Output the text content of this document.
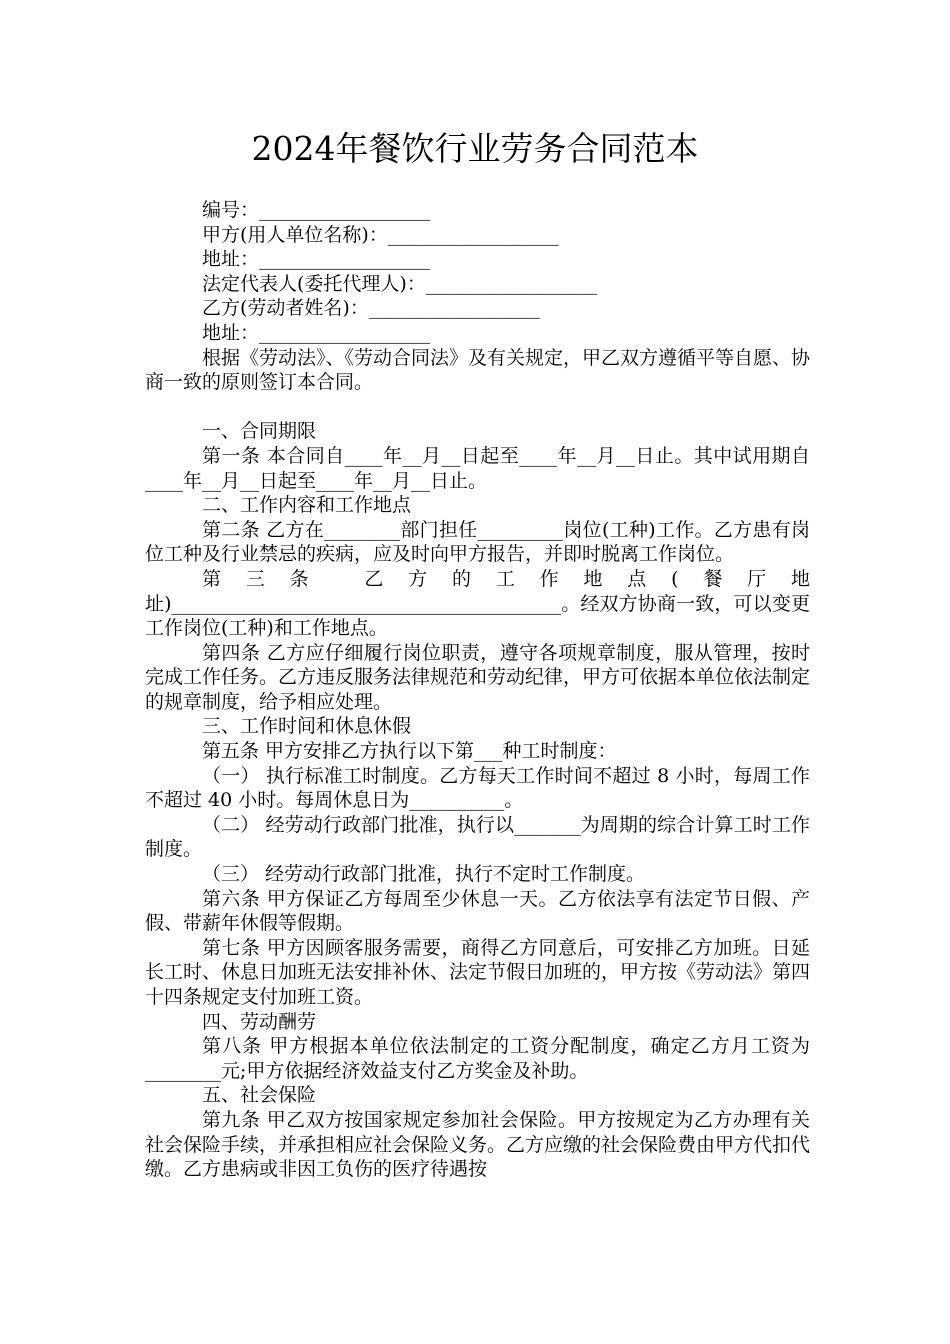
2024年餐饮行业劳务合同范本

编号：__________________

甲方(用人单位名称)：__________________

地址：__________________

法定代表人(委托代理人)：__________________

乙方(劳动者姓名)：__________________

地址：__________________

根据《劳动法》、《劳动合同法》及有关规定，甲乙双方遵循平等自愿、协商一致的原则签订本合同。

一、合同期限

第一条 本合同自____年__月__日起至____年__月__日止。其中试用期自____年__月__日起至____年__月__日止。

二、工作内容和工作地点

第二条 乙方在________部门担任_________岗位(工种)工作。乙方患有岗位工种及行业禁忌的疾病，应及时向甲方报告，并即时脱离工作岗位。

第三条 乙方的工作地点(餐厅地址)_________________________________________。经双方协商一致，可以变更工作岗位(工种)和工作地点。

第四条 乙方应仔细履行岗位职责，遵守各项规章制度，服从管理，按时完成工作任务。乙方违反服务法律规范和劳动纪律，甲方可依据本单位依法制定的规章制度，给予相应处理。

三、工作时间和休息休假

第五条 甲方安排乙方执行以下第___种工时制度：

（一） 执行标准工时制度。乙方每天工作时间不超过 8 小时，每周工作不超过 40 小时。每周休息日为__________。

（二） 经劳动行政部门批准，执行以_______为周期的综合计算工时工作制度。

（三） 经劳动行政部门批准，执行不定时工作制度。

第六条 甲方保证乙方每周至少休息一天。乙方依法享有法定节日假、产假、带薪年休假等假期。

第七条 甲方因顾客服务需要，商得乙方同意后，可安排乙方加班。日延长工时、休息日加班无法安排补休、法定节假日加班的，甲方按《劳动法》第四十四条规定支付加班工资。

四、劳动酬劳

第八条 甲方根据本单位依法制定的工资分配制度，确定乙方月工资为________元;甲方依据经济效益支付乙方奖金及补助。

五、社会保险

第九条 甲乙双方按国家规定参加社会保险。甲方按规定为乙方办理有关社会保险手续，并承担相应社会保险义务。乙方应缴的社会保险费由甲方代扣代缴。乙方患病或非因工负伤的医疗待遇按
